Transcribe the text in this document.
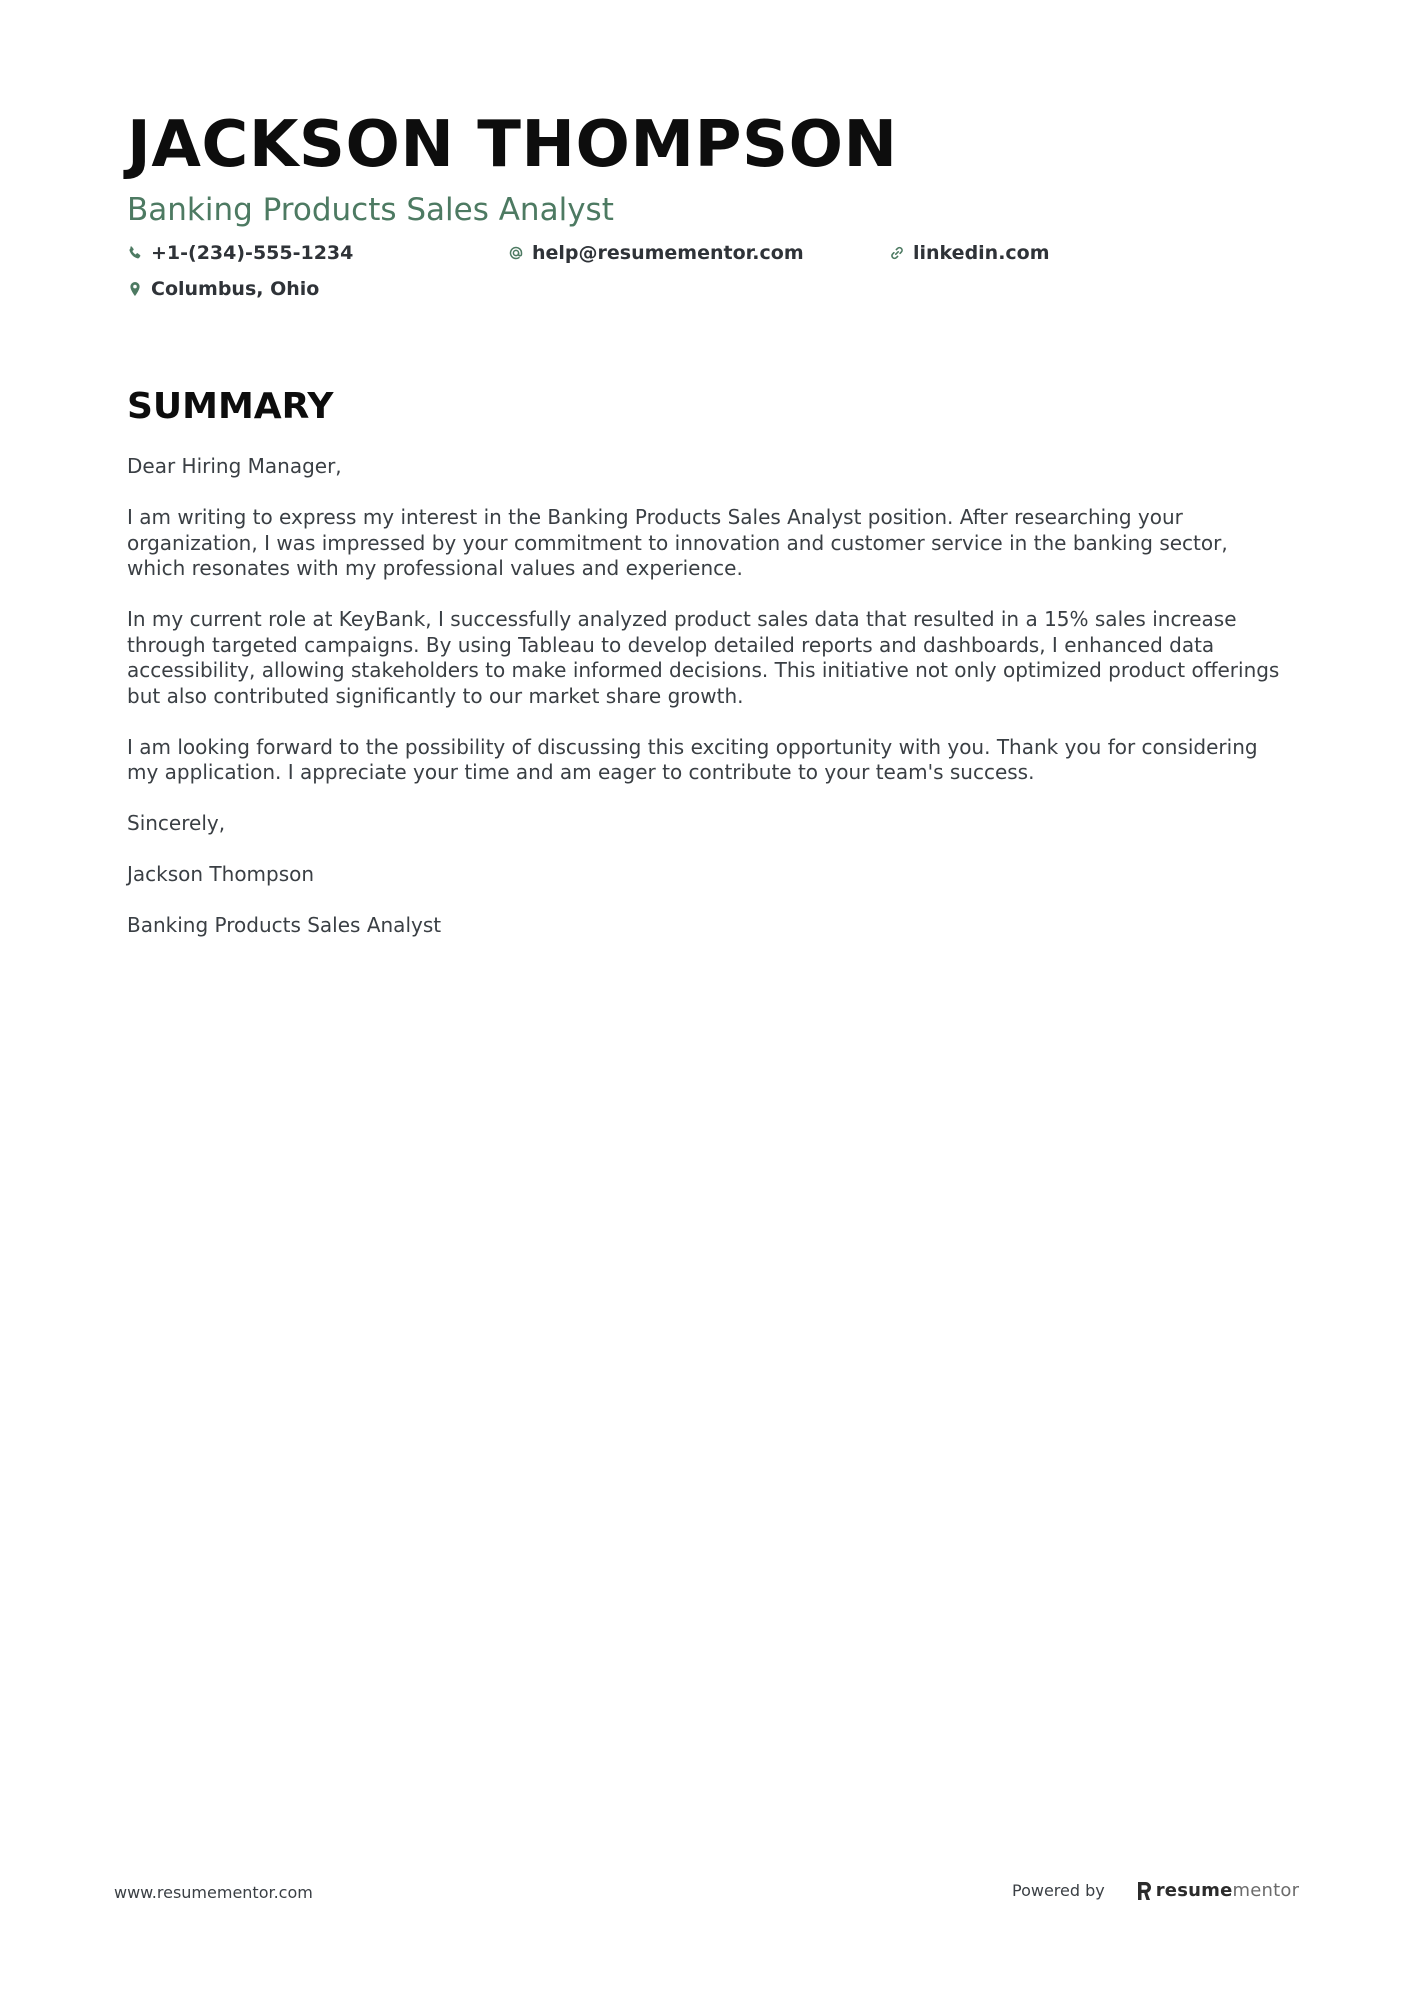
JACKSON THOMPSON
Banking Products Sales Analyst
+1-(234)-555-1234	help@resumementor.com	linkedin.com
Columbus, Ohio
SUMMARY

Dear Hiring Manager,

I am writing to express my interest in the Banking Products Sales Analyst position. After researching your organization, I was impressed by your commitment to innovation and customer service in the banking sector, which resonates with my professional values and experience.

In my current role at KeyBank, I successfully analyzed product sales data that resulted in a 15% sales increase through targeted campaigns. By using Tableau to develop detailed reports and dashboards, I enhanced data accessibility, allowing stakeholders to make informed decisions. This initiative not only optimized product offerings but also contributed significantly to our market share growth.

I am looking forward to the possibility of discussing this exciting opportunity with you. Thank you for considering my application. I appreciate your time and am eager to contribute to your team's success.

Sincerely,

Jackson Thompson

Banking Products Sales Analyst

www.resumementor.com	Powered by	resumementor
